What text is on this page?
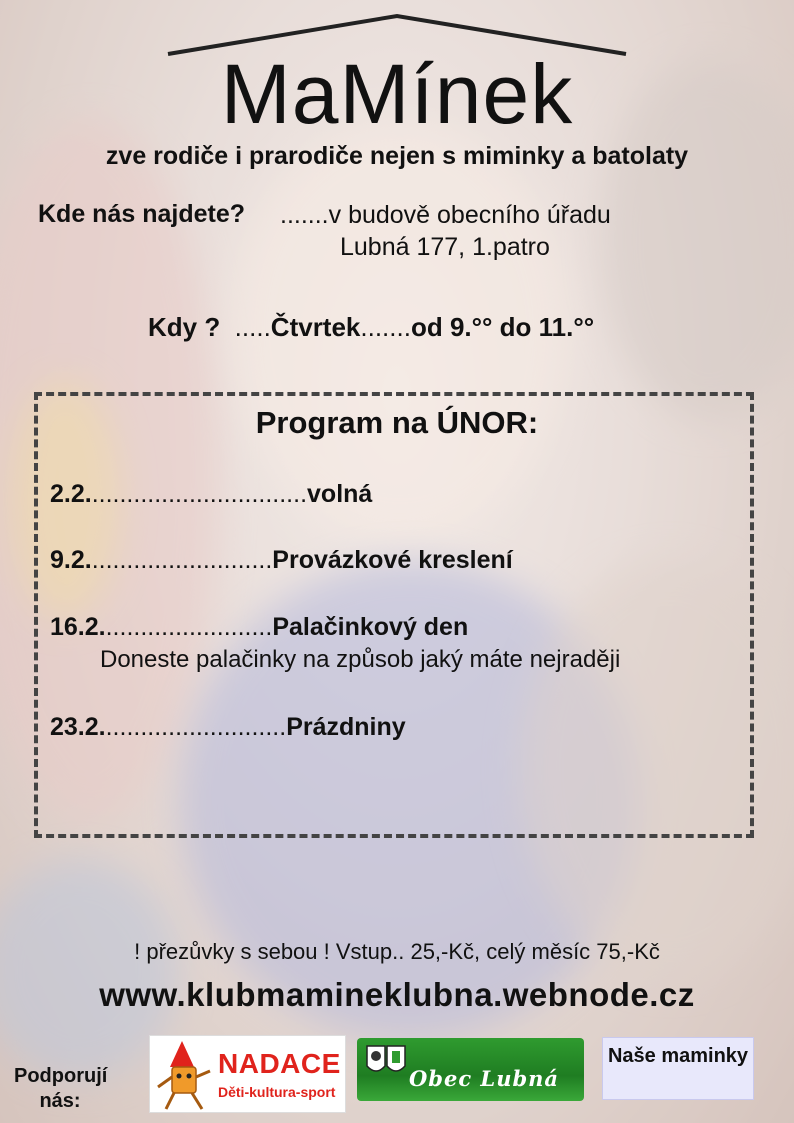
MaMínek
zve rodiče i prarodiče nejen s miminky a batolaty
Kde nás najdete? .......v budově obecního úřadu
Lubná 177, 1.patro
Kdy ?  .....Čtvrtek.......od 9.°° do 11.°°
Program na ÚNOR:
2.2................................volná
9.2...........................Provázkové kreslení
16.2.........................Palačinkový den
Doneste palačinky na způsob jaký máte nejraději
23.2...........................Prázdniny
! přezůvky s sebou ! Vstup.. 25,-Kč, celý měsíc 75,-Kč
www.klubmamineklubna.webnode.cz
Podporují nás:
NADACE
Děti-kultura-sport
Obec Lubná
Naše maminky
